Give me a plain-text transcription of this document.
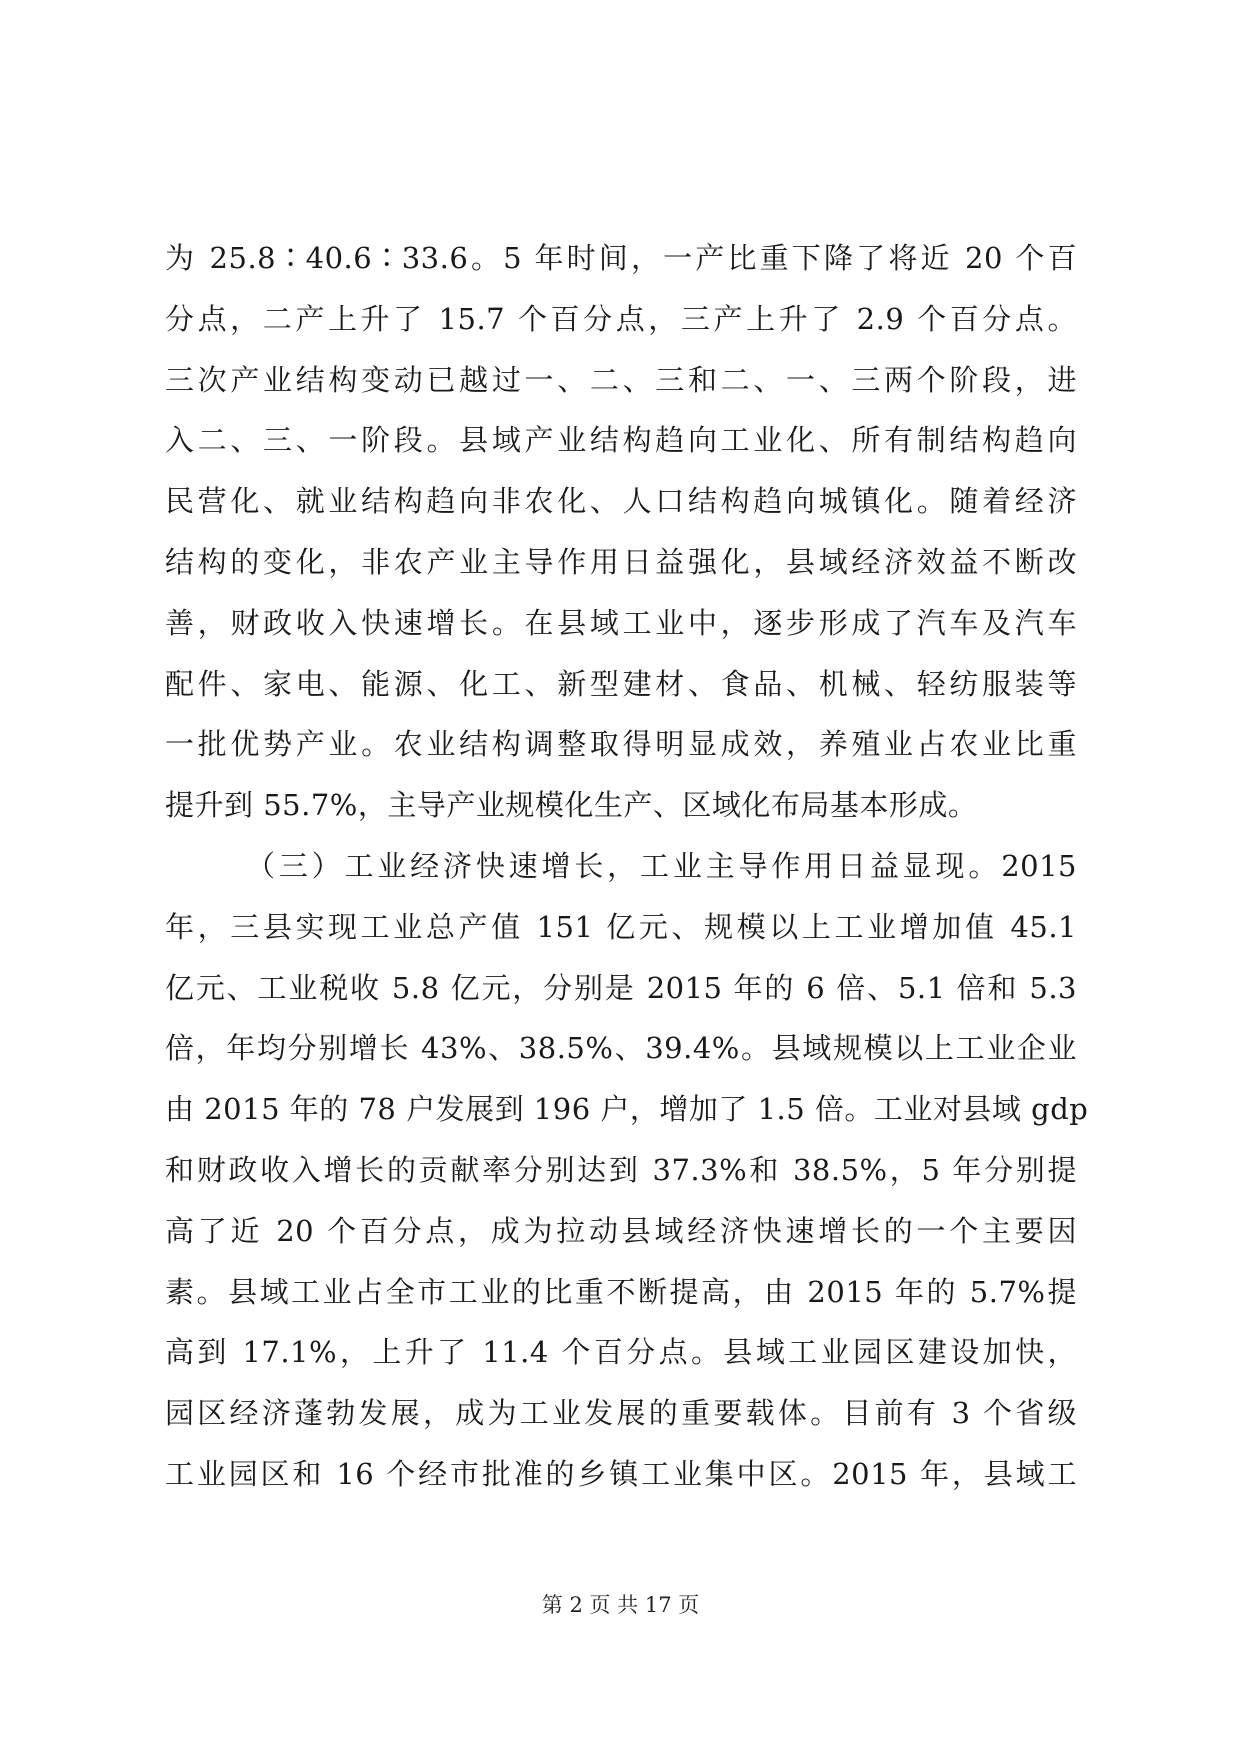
为 25.8∶40.6∶33.6。5 年时间，一产比重下降了将近 20 个百
分点，二产上升了 15.7 个百分点，三产上升了 2.9 个百分点。
三次产业结构变动已越过一、二、三和二、一、三两个阶段，进
入二、三、一阶段。县域产业结构趋向工业化、所有制结构趋向
民营化、就业结构趋向非农化、人口结构趋向城镇化。随着经济
结构的变化，非农产业主导作用日益强化，县域经济效益不断改
善，财政收入快速增长。在县域工业中，逐步形成了汽车及汽车
配件、家电、能源、化工、新型建材、食品、机械、轻纺服装等
一批优势产业。农业结构调整取得明显成效，养殖业占农业比重
提升到 55.7%，主导产业规模化生产、区域化布局基本形成。
（三）工业经济快速增长，工业主导作用日益显现。2015
年，三县实现工业总产值 151 亿元、规模以上工业增加值 45.1
亿元、工业税收 5.8 亿元，分别是 2015 年的 6 倍、5.1 倍和 5.3
倍，年均分别增长 43%、38.5%、39.4%。县域规模以上工业企业
由 2015 年的 78 户发展到 196 户，增加了 1.5 倍。工业对县域 gdp
和财政收入增长的贡献率分别达到 37.3%和 38.5%，5 年分别提
高了近 20 个百分点，成为拉动县域经济快速增长的一个主要因
素。县域工业占全市工业的比重不断提高，由 2015 年的 5.7%提
高到 17.1%，上升了 11.4 个百分点。县域工业园区建设加快，
园区经济蓬勃发展，成为工业发展的重要载体。目前有 3 个省级
工业园区和 16 个经市批准的乡镇工业集中区。2015 年，县域工
第 2 页 共 17 页
